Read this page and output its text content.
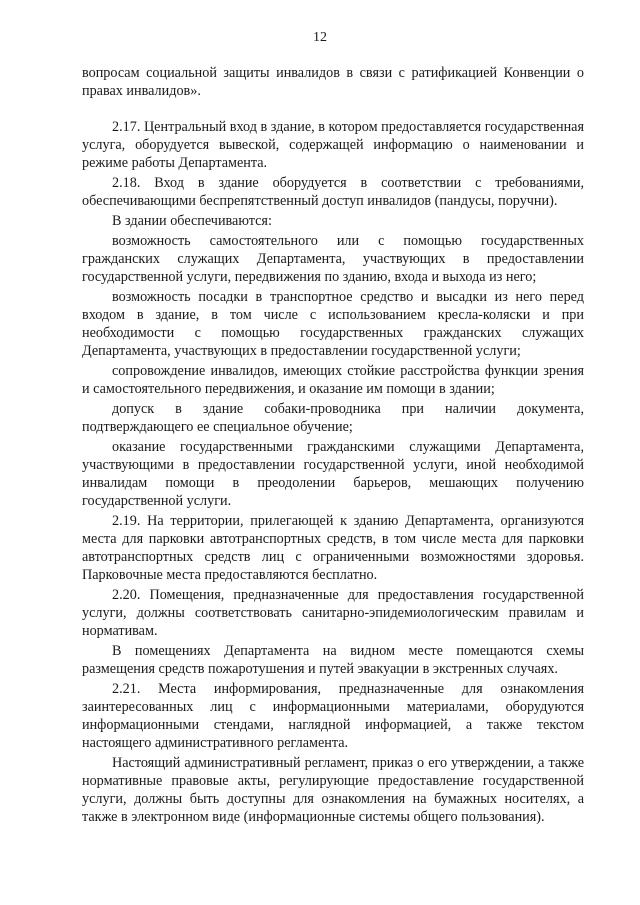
12

вопросам социальной защиты инвалидов в связи с ратификацией Конвенции о правах инвалидов».

2.17. Центральный вход в здание, в котором предоставляется государственная услуга, оборудуется вывеской, содержащей информацию о наименовании и режиме работы Департамента.

2.18. Вход в здание оборудуется в соответствии с требованиями, обеспечивающими беспрепятственный доступ инвалидов (пандусы, поручни).

В здании обеспечиваются:

возможность самостоятельного или с помощью государственных гражданских служащих Департамента, участвующих в предоставлении государственной услуги, передвижения по зданию, входа и выхода из него;

возможность посадки в транспортное средство и высадки из него перед входом в здание, в том числе с использованием кресла-коляски и при необходимости с помощью государственных гражданских служащих Департамента, участвующих в предоставлении государственной услуги;

сопровождение инвалидов, имеющих стойкие расстройства функции зрения и самостоятельного передвижения, и оказание им помощи в здании;

допуск в здание собаки-проводника при наличии документа, подтверждающего ее специальное обучение;

оказание государственными гражданскими служащими Департамента, участвующими в предоставлении государственной услуги, иной необходимой инвалидам помощи в преодолении барьеров, мешающих получению государственной услуги.

2.19. На территории, прилегающей к зданию Департамента, организуются места для парковки автотранспортных средств, в том числе места для парковки автотранспортных средств лиц с ограниченными возможностями здоровья. Парковочные места предоставляются бесплатно.

2.20. Помещения, предназначенные для предоставления государственной услуги, должны соответствовать санитарно-эпидемиологическим правилам и нормативам.

В помещениях Департамента на видном месте помещаются схемы размещения средств пожаротушения и путей эвакуации в экстренных случаях.

2.21. Места информирования, предназначенные для ознакомления заинтересованных лиц с информационными материалами, оборудуются информационными стендами, наглядной информацией, а также текстом настоящего административного регламента.

Настоящий административный регламент, приказ о его утверждении, а также нормативные правовые акты, регулирующие предоставление государственной услуги, должны быть доступны для ознакомления на бумажных носителях, а также в электронном виде (информационные системы общего пользования).
